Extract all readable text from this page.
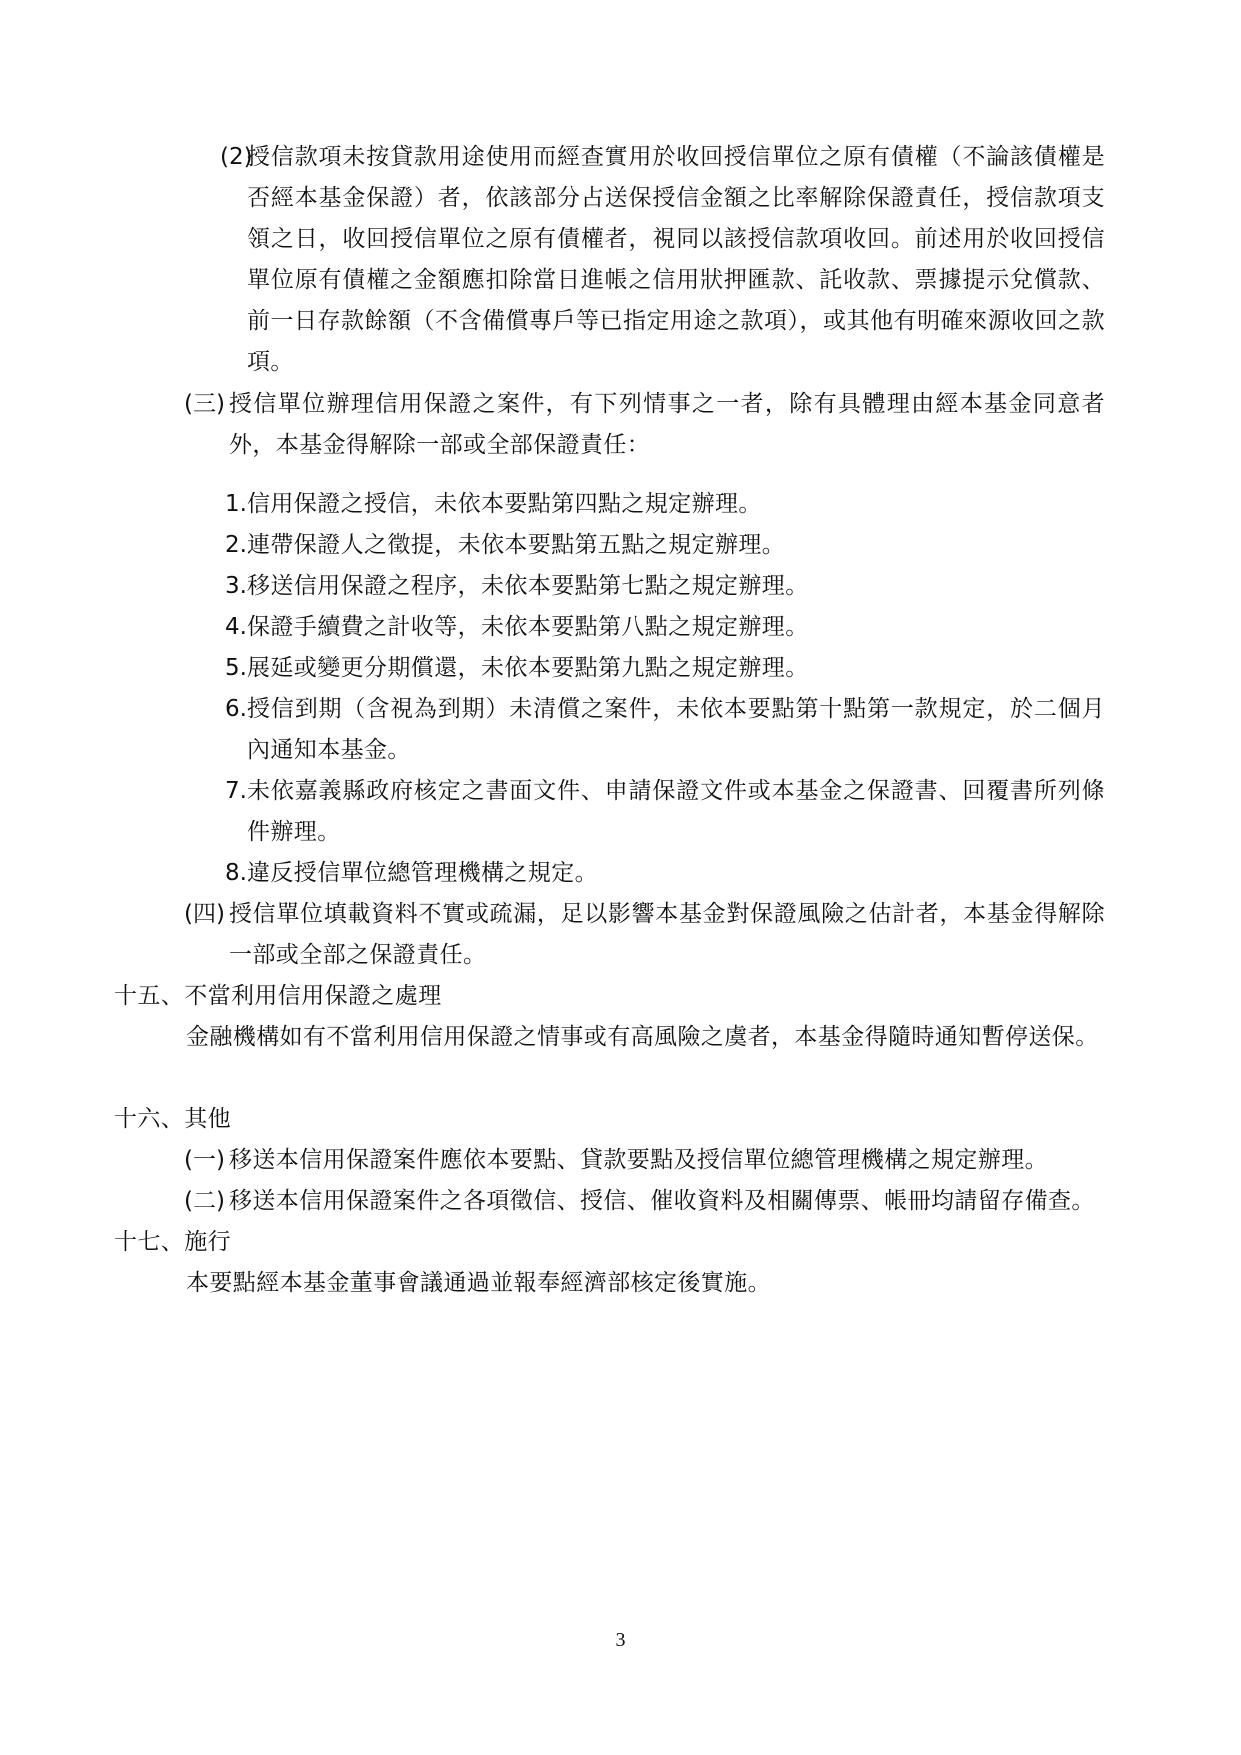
(2)
授信款項未按貸款用途使用而經查實用於收回授信單位之原有債權（不論該債權是否經本基金保證）者，依該部分占送保授信金額之比率解除保證責任，授信款項支領之日，收回授信單位之原有債權者，視同以該授信款項收回。前述用於收回授信單位原有債權之金額應扣除當日進帳之信用狀押匯款、託收款、票據提示兌償款、前一日存款餘額（不含備償專戶等已指定用途之款項），或其他有明確來源收回之款項。
(三) 授信單位辦理信用保證之案件，有下列情事之一者，除有具體理由經本基金同意者外，本基金得解除一部或全部保證責任：
1. 信用保證之授信，未依本要點第四點之規定辦理。
2. 連帶保證人之徵提，未依本要點第五點之規定辦理。
3. 移送信用保證之程序，未依本要點第七點之規定辦理。
4. 保證手續費之計收等，未依本要點第八點之規定辦理。
5. 展延或變更分期償還，未依本要點第九點之規定辦理。
6. 授信到期（含視為到期）未清償之案件，未依本要點第十點第一款規定，於二個月內通知本基金。
7. 未依嘉義縣政府核定之書面文件、申請保證文件或本基金之保證書、回覆書所列條件辦理。
8. 違反授信單位總管理機構之規定。
(四) 授信單位填載資料不實或疏漏，足以影響本基金對保證風險之估計者，本基金得解除一部或全部之保證責任。
十五、不當利用信用保證之處理
金融機構如有不當利用信用保證之情事或有高風險之虞者，本基金得隨時通知暫停送保。
十六、其他
(一) 移送本信用保證案件應依本要點、貸款要點及授信單位總管理機構之規定辦理。
(二) 移送本信用保證案件之各項徵信、授信、催收資料及相關傳票、帳冊均請留存備查。
十七、施行
本要點經本基金董事會議通過並報奉經濟部核定後實施。
3
